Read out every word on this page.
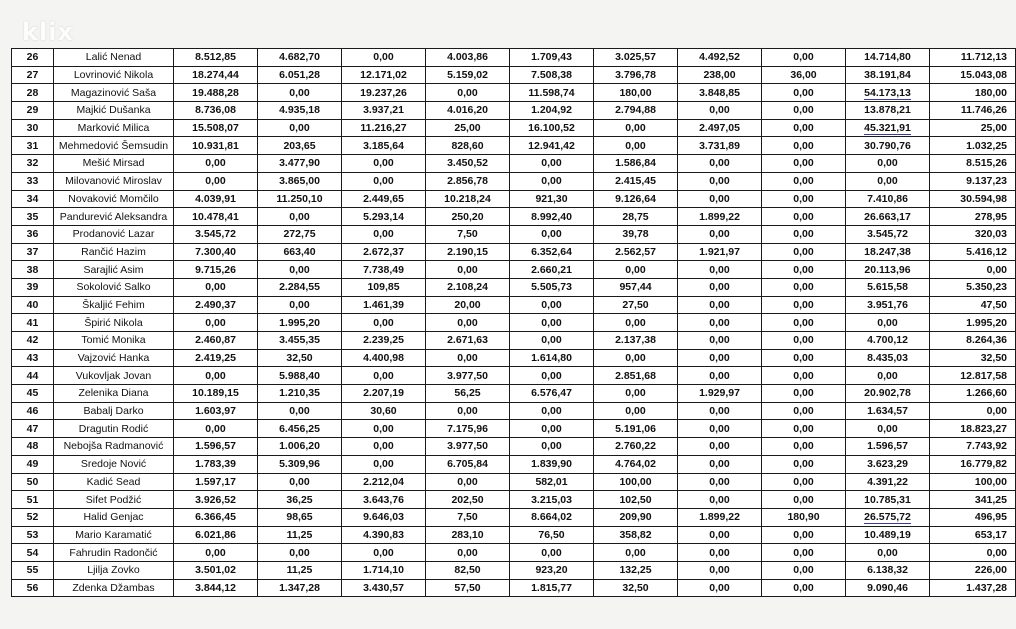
klix
26	Lalić Nenad	8.512,85	4.682,70	0,00	4.003,86	1.709,43	3.025,57	4.492,52	0,00	14.714,80	11.712,13
27	Lovrinović Nikola	18.274,44	6.051,28	12.171,02	5.159,02	7.508,38	3.796,78	238,00	36,00	38.191,84	15.043,08
28	Magazinović Saša	19.488,28	0,00	19.237,26	0,00	11.598,74	180,00	3.848,85	0,00	54.173,13	180,00
29	Majkić Dušanka	8.736,08	4.935,18	3.937,21	4.016,20	1.204,92	2.794,88	0,00	0,00	13.878,21	11.746,26
30	Marković Milica	15.508,07	0,00	11.216,27	25,00	16.100,52	0,00	2.497,05	0,00	45.321,91	25,00
31	Mehmedović Šemsudin	10.931,81	203,65	3.185,64	828,60	12.941,42	0,00	3.731,89	0,00	30.790,76	1.032,25
32	Mešić Mirsad	0,00	3.477,90	0,00	3.450,52	0,00	1.586,84	0,00	0,00	0,00	8.515,26
33	Milovanović Miroslav	0,00	3.865,00	0,00	2.856,78	0,00	2.415,45	0,00	0,00	0,00	9.137,23
34	Novaković Momčilo	4.039,91	11.250,10	2.449,65	10.218,24	921,30	9.126,64	0,00	0,00	7.410,86	30.594,98
35	Pandurević Aleksandra	10.478,41	0,00	5.293,14	250,20	8.992,40	28,75	1.899,22	0,00	26.663,17	278,95
36	Prodanović Lazar	3.545,72	272,75	0,00	7,50	0,00	39,78	0,00	0,00	3.545,72	320,03
37	Rančić Hazim	7.300,40	663,40	2.672,37	2.190,15	6.352,64	2.562,57	1.921,97	0,00	18.247,38	5.416,12
38	Sarajlić Asim	9.715,26	0,00	7.738,49	0,00	2.660,21	0,00	0,00	0,00	20.113,96	0,00
39	Sokolović Salko	0,00	2.284,55	109,85	2.108,24	5.505,73	957,44	0,00	0,00	5.615,58	5.350,23
40	Škaljić Fehim	2.490,37	0,00	1.461,39	20,00	0,00	27,50	0,00	0,00	3.951,76	47,50
41	Špirić Nikola	0,00	1.995,20	0,00	0,00	0,00	0,00	0,00	0,00	0,00	1.995,20
42	Tomić Monika	2.460,87	3.455,35	2.239,25	2.671,63	0,00	2.137,38	0,00	0,00	4.700,12	8.264,36
43	Vajzović Hanka	2.419,25	32,50	4.400,98	0,00	1.614,80	0,00	0,00	0,00	8.435,03	32,50
44	Vukovljak Jovan	0,00	5.988,40	0,00	3.977,50	0,00	2.851,68	0,00	0,00	0,00	12.817,58
45	Zelenika Diana	10.189,15	1.210,35	2.207,19	56,25	6.576,47	0,00	1.929,97	0,00	20.902,78	1.266,60
46	Babalj Darko	1.603,97	0,00	30,60	0,00	0,00	0,00	0,00	0,00	1.634,57	0,00
47	Dragutin Rodić	0,00	6.456,25	0,00	7.175,96	0,00	5.191,06	0,00	0,00	0,00	18.823,27
48	Nebojša Radmanović	1.596,57	1.006,20	0,00	3.977,50	0,00	2.760,22	0,00	0,00	1.596,57	7.743,92
49	Sredoje Nović	1.783,39	5.309,96	0,00	6.705,84	1.839,90	4.764,02	0,00	0,00	3.623,29	16.779,82
50	Kadić Sead	1.597,17	0,00	2.212,04	0,00	582,01	100,00	0,00	0,00	4.391,22	100,00
51	Sifet Podžić	3.926,52	36,25	3.643,76	202,50	3.215,03	102,50	0,00	0,00	10.785,31	341,25
52	Halid Genjac	6.366,45	98,65	9.646,03	7,50	8.664,02	209,90	1.899,22	180,90	26.575,72	496,95
53	Mario Karamatić	6.021,86	11,25	4.390,83	283,10	76,50	358,82	0,00	0,00	10.489,19	653,17
54	Fahrudin Radončić	0,00	0,00	0,00	0,00	0,00	0,00	0,00	0,00	0,00	0,00
55	Ljilja Zovko	3.501,02	11,25	1.714,10	82,50	923,20	132,25	0,00	0,00	6.138,32	226,00
56	Zdenka Džambas	3.844,12	1.347,28	3.430,57	57,50	1.815,77	32,50	0,00	0,00	9.090,46	1.437,28
